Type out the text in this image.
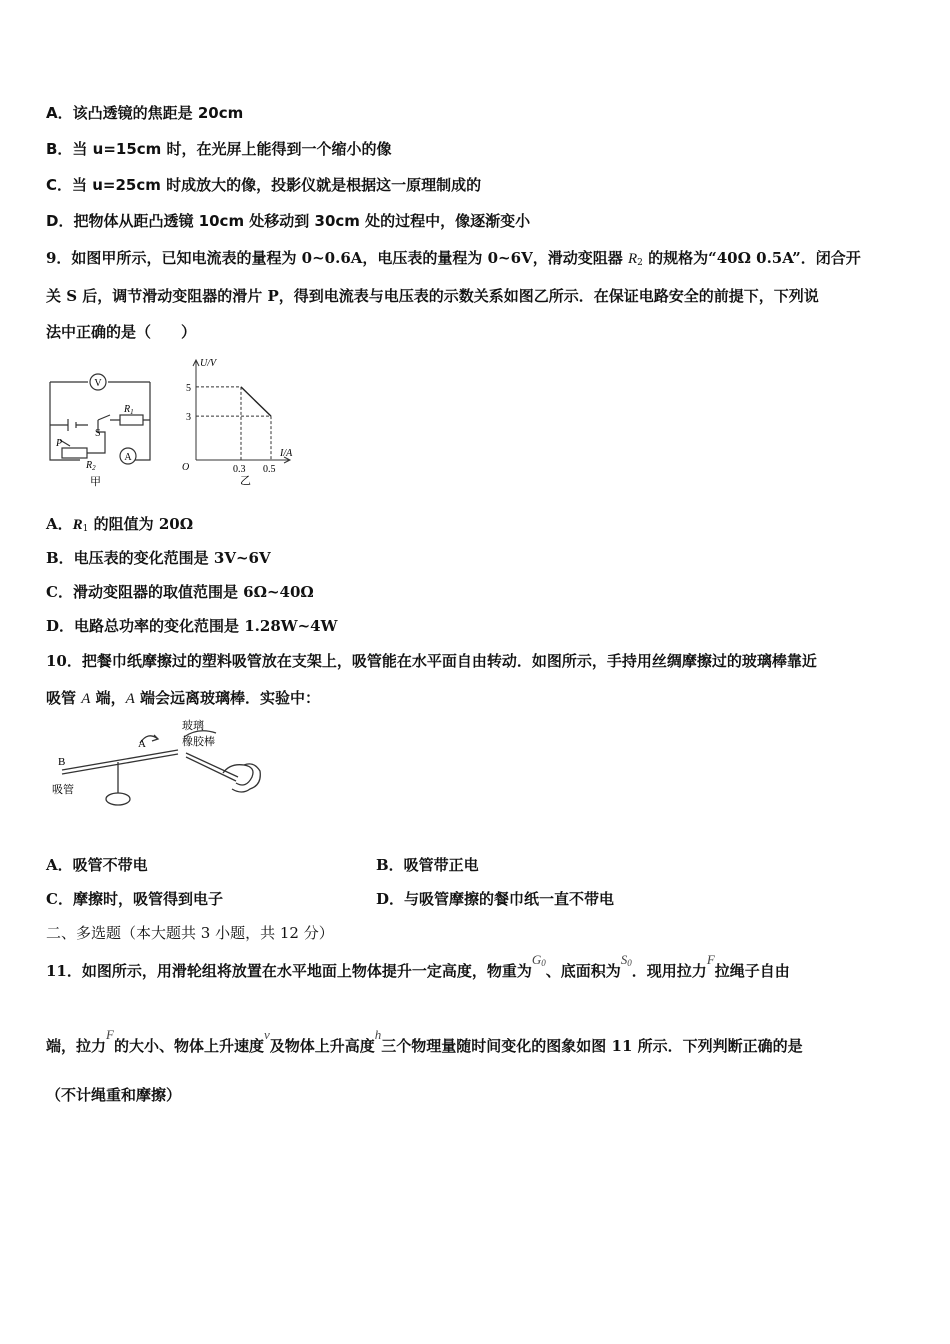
A．该凸透镜的焦距是 20cm
B．当 u=15cm 时，在光屏上能得到一个缩小的像
C．当 u=25cm 时成放大的像，投影仪就是根据这一原理制成的
D．把物体从距凸透镜 10cm 处移动到 30cm 处的过程中，像逐渐变小
9．如图甲所示，已知电流表的量程为 0~0.6A，电压表的量程为 0~6V，滑动变阻器 $R_2$ 的规格为“40Ω 0.5A”．闭合开
关 S 后，调节滑动变阻器的滑片 P，得到电流表与电压表的示数关系如图乙所示．在保证电路安全的前提下，下列说
法中正确的是（　　）
V
A
S
$R_1$
$R_2$
P
甲
3
5
0.3 0.5
U/V
I/A
O
乙
A．$R_1$ 的阻值为 20Ω
B．电压表的变化范围是 3V~6V
C．滑动变阻器的取值范围是 6Ω~40Ω
D．电路总功率的变化范围是 1.28W~4W
10．把餐巾纸摩擦过的塑料吸管放在支架上，吸管能在水平面自由转动．如图所示，手持用丝绸摩擦过的玻璃棒靠近
吸管 A 端，A 端会远离玻璃棒．实验中：
B
A
吸管
玻璃
橡胶棒
A．吸管不带电	B．吸管带正电
C．摩擦时，吸管得到电子	D．与吸管摩擦的餐巾纸一直不带电
二、多选题（本大题共 3 小题，共 12 分）
11．如图所示，用滑轮组将放置在水平地面上物体提升一定高度，物重为$G_0$、底面积为$S_0$．现用拉力F拉绳子自由
端，拉力F的大小、物体上升速度v及物体上升高度h三个物理量随时间变化的图象如图 11 所示．下列判断正确的是
（不计绳重和摩擦）
